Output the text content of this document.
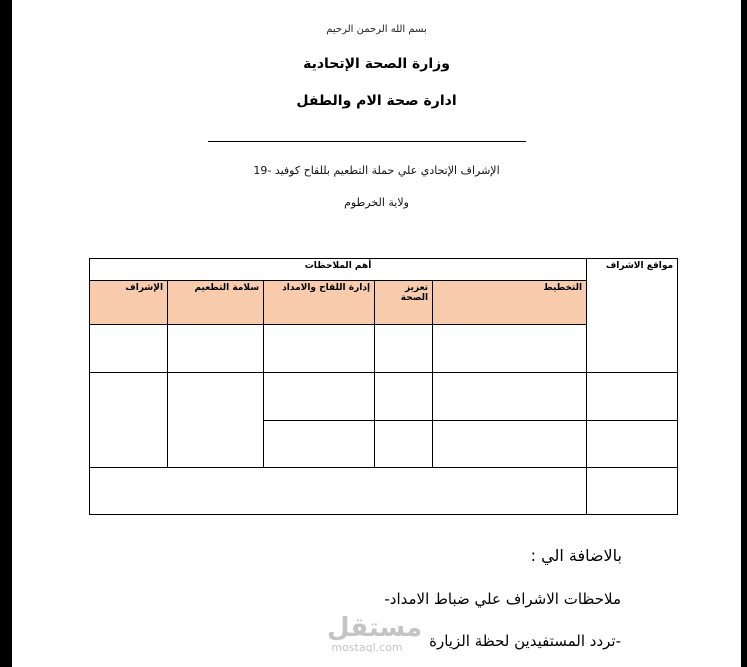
بسم الله الرحمن الرحيم
وزارة الصحة الإتحادية
ادارة صحة الام والطفل
الإشراف الإتحادي علي حملة التطعيم بللقاح كوفيد -19
ولاية الخرطوم
مواقع الاشراف	أهم الملاحظات				
	التخطيط	تعزيز الصحة	إدارة اللقاح والامداد	سلامة التطعيم	الإشراف

بالاضافة الي :
ملاحظات الاشراف علي ضباط الامداد-
-تردد المستفيدين لحظة الزيارة
مستقل
mostaql.com
